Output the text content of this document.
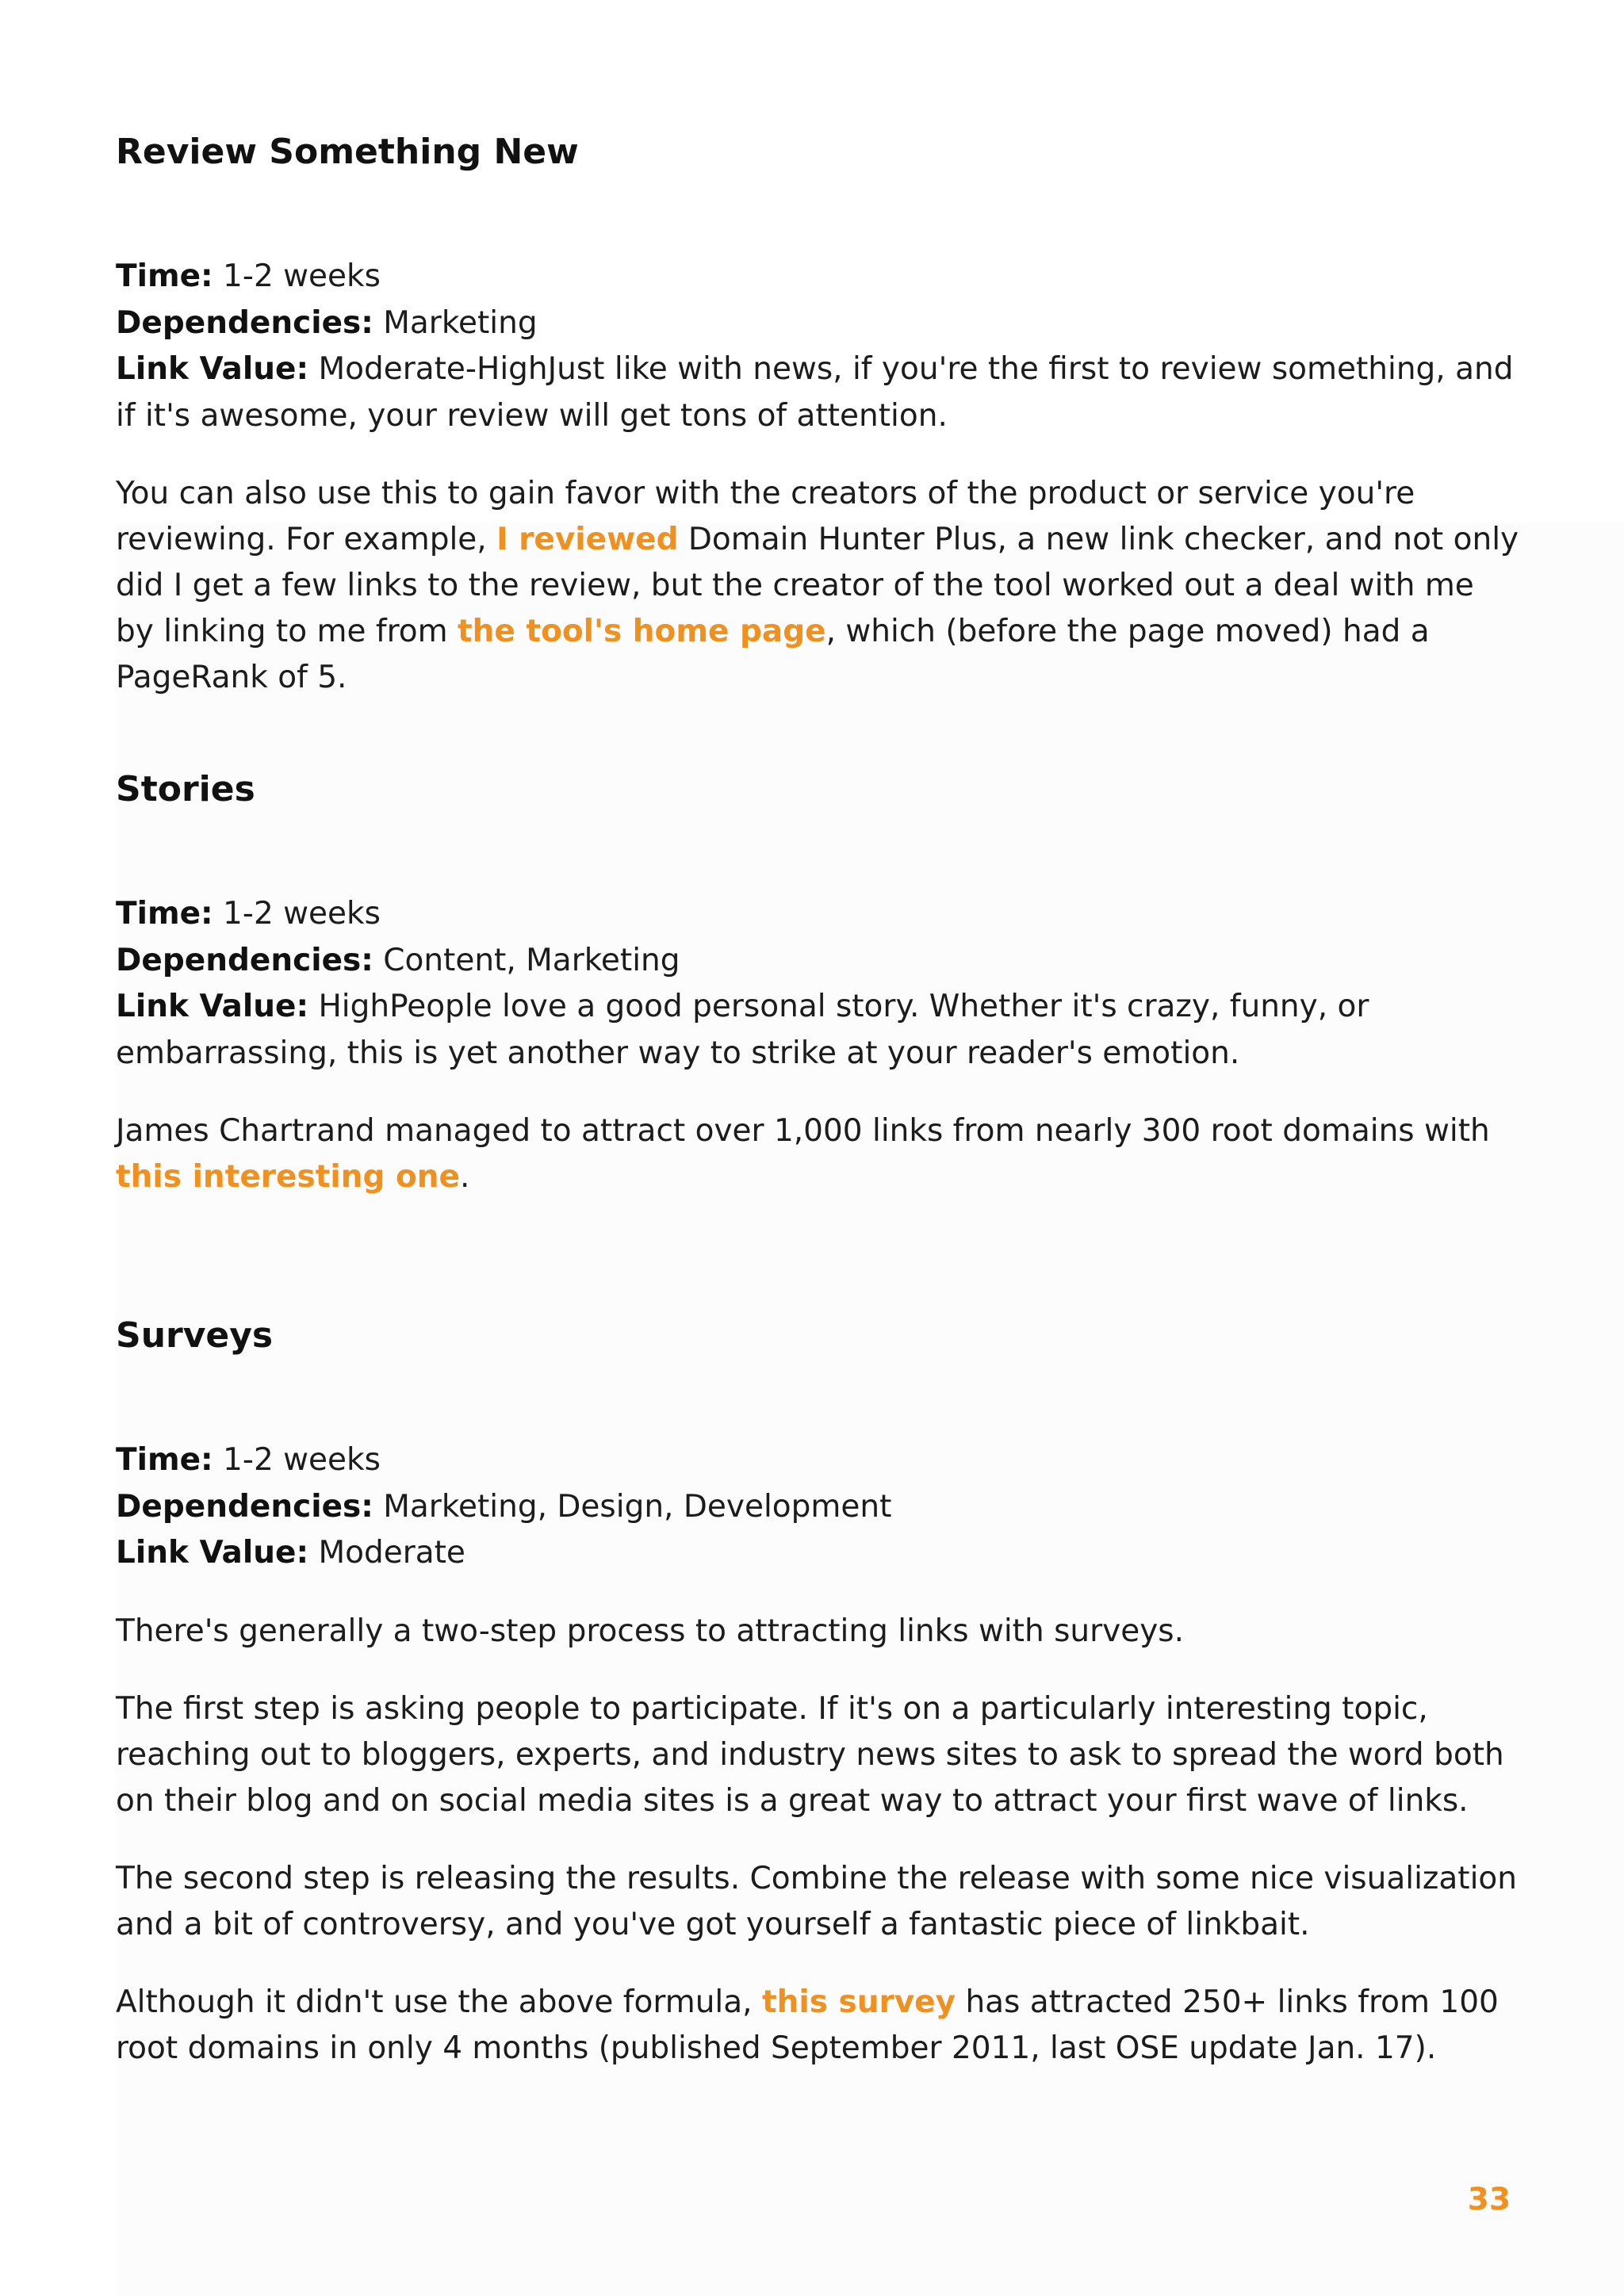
Review Something New

Time: 1-2 weeks

Dependencies: Marketing

Link Value: Moderate-HighJust like with news, if you're the first to review something, and if it's awesome, your review will get tons of attention.

You can also use this to gain favor with the creators of the product or service you're reviewing. For example, I reviewed Domain Hunter Plus, a new link checker, and not only did I get a few links to the review, but the creator of the tool worked out a deal with me by linking to me from the tool's home page, which (before the page moved) had a PageRank of 5.

Stories

Time: 1-2 weeks

Dependencies: Content, Marketing

Link Value: HighPeople love a good personal story. Whether it's crazy, funny, or embarrassing, this is yet another way to strike at your reader's emotion.

James Chartrand managed to attract over 1,000 links from nearly 300 root domains with this interesting one.

Surveys

Time: 1-2 weeks

Dependencies: Marketing, Design, Development

Link Value: Moderate

There's generally a two-step process to attracting links with surveys.

The first step is asking people to participate. If it's on a particularly interesting topic, reaching out to bloggers, experts, and industry news sites to ask to spread the word both on their blog and on social media sites is a great way to attract your first wave of links.

The second step is releasing the results. Combine the release with some nice visualization and a bit of controversy, and you've got yourself a fantastic piece of linkbait.

Although it didn't use the above formula, this survey has attracted 250+ links from 100 root domains in only 4 months (published September 2011, last OSE update Jan. 17).

33
